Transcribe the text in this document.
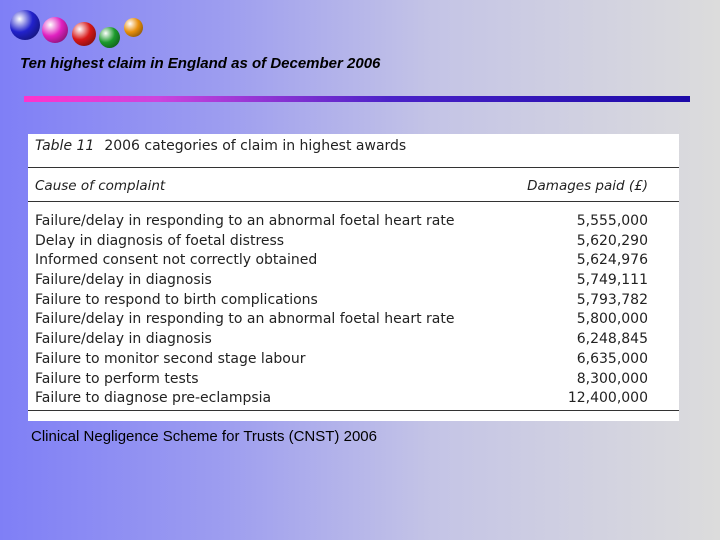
Ten highest claim in England as of December 2006
Table 11 2006 categories of claim in highest awards
Cause of complaint	Damages paid (£)
Failure/delay in responding to an abnormal foetal heart rate	5,555,000
Delay in diagnosis of foetal distress	5,620,290
Informed consent not correctly obtained	5,624,976
Failure/delay in diagnosis	5,749,111
Failure to respond to birth complications	5,793,782
Failure/delay in responding to an abnormal foetal heart rate	5,800,000
Failure/delay in diagnosis	6,248,845
Failure to monitor second stage labour	6,635,000
Failure to perform tests	8,300,000
Failure to diagnose pre-eclampsia	12,400,000

Clinical Negligence Scheme for Trusts (CNST) 2006
